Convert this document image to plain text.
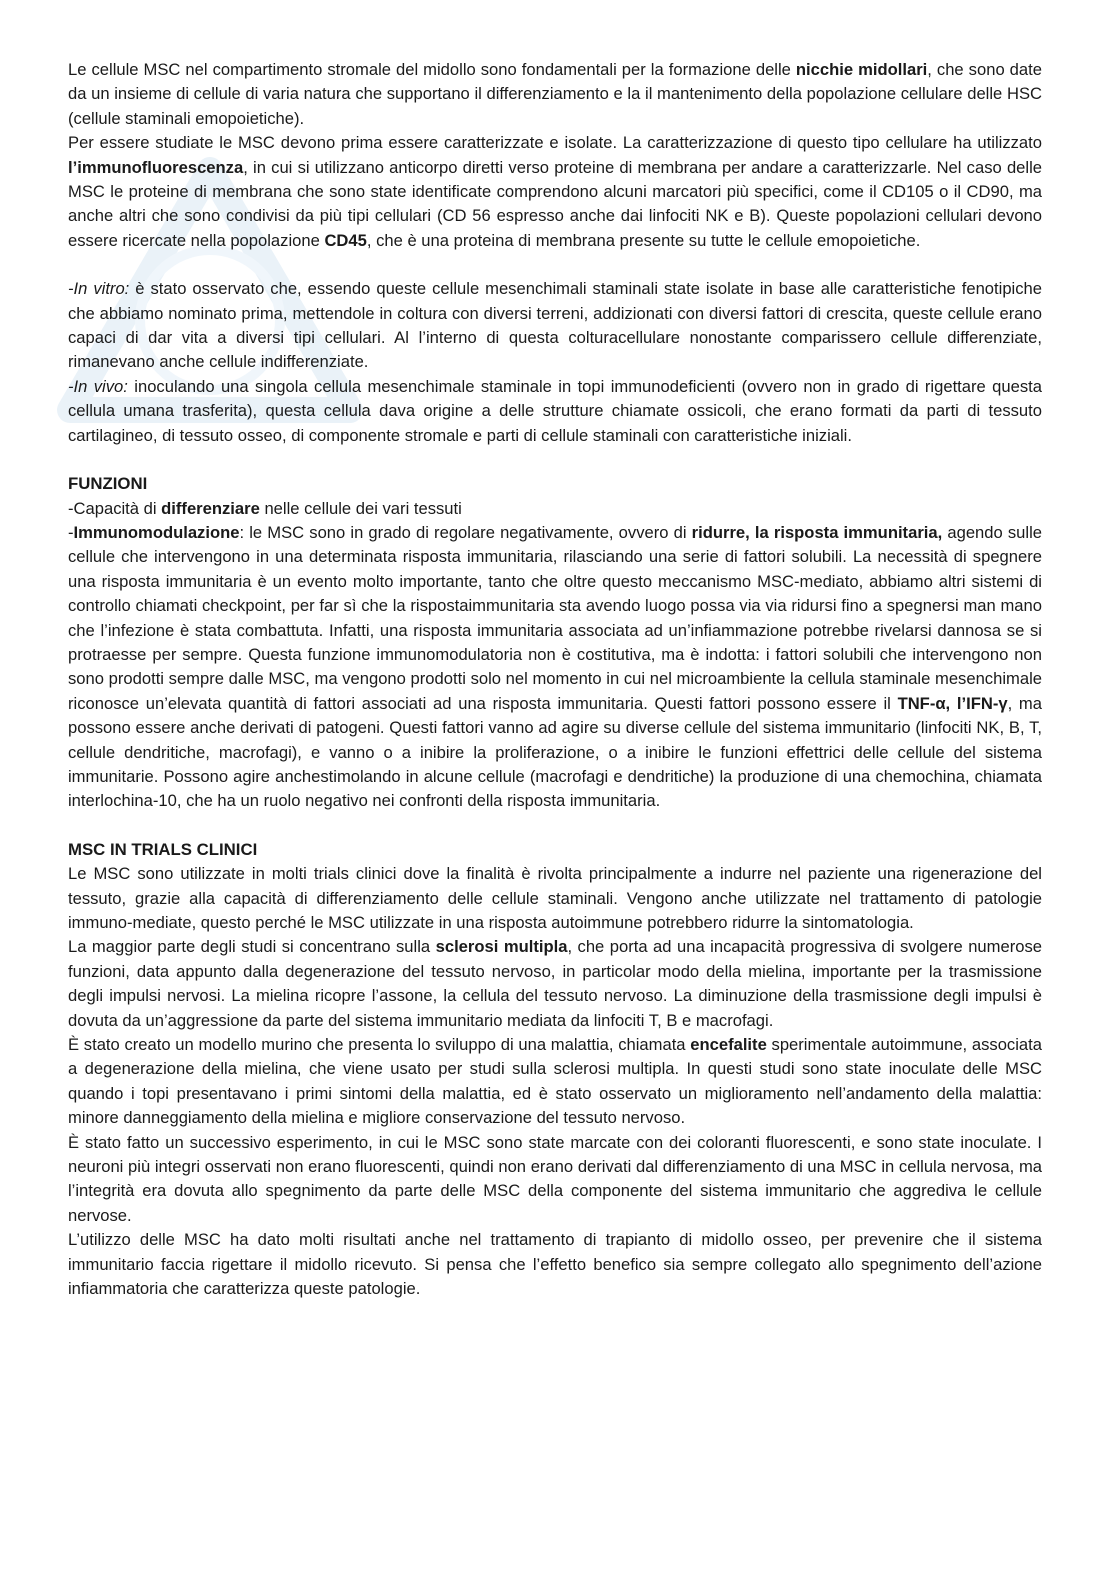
Le cellule MSC nel compartimento stromale del midollo sono fondamentali per la formazione delle nicchie midollari, che sono date da un insieme di cellule di varia natura che supportano il differenziamento e la il mantenimento della popolazione cellulare delle HSC (cellule staminali emopoietiche).

Per essere studiate le MSC devono prima essere caratterizzate e isolate. La caratterizzazione di questo tipo cellulare ha utilizzato l’immunofluorescenza, in cui si utilizzano anticorpo diretti verso proteine di membrana per andare a caratterizzarle. Nel caso delle MSC le proteine di membrana che sono state identificate comprendono alcuni marcatori più specifici, come il CD105 o il CD90, ma anche altri che sono condivisi da più tipi cellulari (CD 56 espresso anche dai linfociti NK e B). Queste popolazioni cellulari devono essere ricercate nella popolazione CD45, che è una proteina di membrana presente su tutte le cellule emopoietiche.

-In vitro: è stato osservato che, essendo queste cellule mesenchimali staminali state isolate in base alle caratteristiche fenotipiche che abbiamo nominato prima, mettendole in coltura con diversi terreni, addizionati con diversi fattori di crescita, queste cellule erano capaci di dar vita a diversi tipi cellulari. Al l’interno di questa colturacellulare nonostante comparissero cellule differenziate, rimanevano anche cellule indifferenziate.

-In vivo: inoculando una singola cellula mesenchimale staminale in topi immunodeficienti (ovvero non in grado di rigettare questa cellula umana trasferita), questa cellula dava origine a delle strutture chiamate ossicoli, che erano formati da parti di tessuto cartilagineo, di tessuto osseo, di componente stromale e parti di cellule staminali con caratteristiche iniziali.

FUNZIONI

-Capacità di differenziare nelle cellule dei vari tessuti

-Immunomodulazione: le MSC sono in grado di regolare negativamente, ovvero di ridurre, la risposta immunitaria, agendo sulle cellule che intervengono in una determinata risposta immunitaria, rilasciando una serie di fattori solubili. La necessità di spegnere una risposta immunitaria è un evento molto importante, tanto che oltre questo meccanismo MSC-mediato, abbiamo altri sistemi di controllo chiamati checkpoint, per far sì che la rispostaimmunitaria sta avendo luogo possa via via ridursi fino a spegnersi man mano che l’infezione è stata combattuta. Infatti, una risposta immunitaria associata ad un’infiammazione potrebbe rivelarsi dannosa se si protraesse per sempre. Questa funzione immunomodulatoria non è costitutiva, ma è indotta: i fattori solubili che intervengono non sono prodotti sempre dalle MSC, ma vengono prodotti solo nel momento in cui nel microambiente la cellula staminale mesenchimale riconosce un’elevata quantità di fattori associati ad una risposta immunitaria. Questi fattori possono essere il TNF-α, l’IFN-γ, ma possono essere anche derivati di patogeni. Questi fattori vanno ad agire su diverse cellule del sistema immunitario (linfociti NK, B, T, cellule dendritiche, macrofagi), e vanno o a inibire la proliferazione, o a inibire le funzioni effettrici delle cellule del sistema immunitarie. Possono agire anchestimolando in alcune cellule (macrofagi e dendritiche) la produzione di una chemochina, chiamata interlochina-10, che ha un ruolo negativo nei confronti della risposta immunitaria.

MSC IN TRIALS CLINICI

Le MSC sono utilizzate in molti trials clinici dove la finalità è rivolta principalmente a indurre nel paziente una rigenerazione del tessuto, grazie alla capacità di differenziamento delle cellule staminali. Vengono anche utilizzate nel trattamento di patologie immuno-mediate, questo perché le MSC utilizzate in una risposta autoimmune potrebbero ridurre la sintomatologia.

La maggior parte degli studi si concentrano sulla sclerosi multipla, che porta ad una incapacità progressiva di svolgere numerose funzioni, data appunto dalla degenerazione del tessuto nervoso, in particolar modo della mielina, importante per la trasmissione degli impulsi nervosi. La mielina ricopre l’assone, la cellula del tessuto nervoso. La diminuzione della trasmissione degli impulsi è dovuta da un’aggressione da parte del sistema immunitario mediata da linfociti T, B e macrofagi.

È stato creato un modello murino che presenta lo sviluppo di una malattia, chiamata encefalite sperimentale autoimmune, associata a degenerazione della mielina, che viene usato per studi sulla sclerosi multipla. In questi studi sono state inoculate delle MSC quando i topi presentavano i primi sintomi della malattia, ed è stato osservato un miglioramento nell’andamento della malattia: minore danneggiamento della mielina e migliore conservazione del tessuto nervoso.

È stato fatto un successivo esperimento, in cui le MSC sono state marcate con dei coloranti fluorescenti, e sono state inoculate. I neuroni più integri osservati non erano fluorescenti, quindi non erano derivati dal differenziamento di una MSC in cellula nervosa, ma l’integrità era dovuta allo spegnimento da parte delle MSC della componente del sistema immunitario che aggrediva le cellule nervose.

L’utilizzo delle MSC ha dato molti risultati anche nel trattamento di trapianto di midollo osseo, per prevenire che il sistema immunitario faccia rigettare il midollo ricevuto. Si pensa che l’effetto benefico sia sempre collegato allo spegnimento dell’azione infiammatoria che caratterizza queste patologie.
